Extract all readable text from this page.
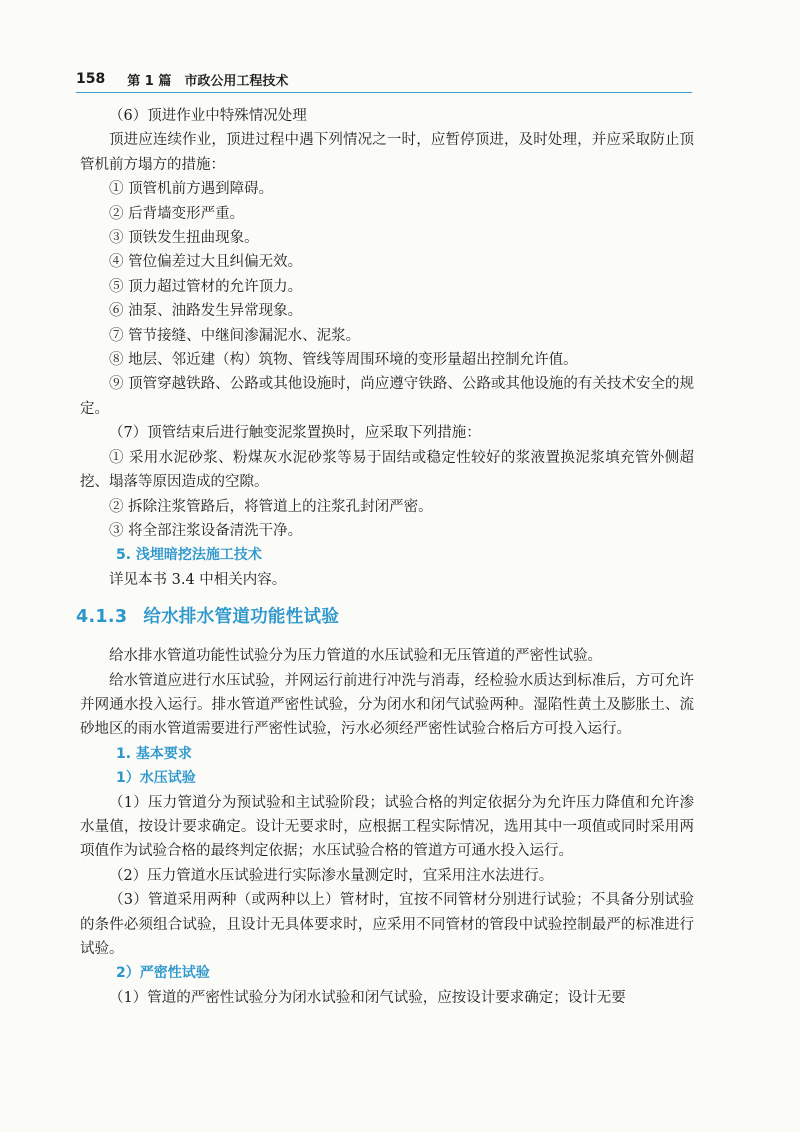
158 第 1 篇　市政公用工程技术

（6）顶进作业中特殊情况处理

顶进应连续作业，顶进过程中遇下列情况之一时，应暂停顶进，及时处理，并应采取防止顶管机前方塌方的措施：

① 顶管机前方遇到障碍。

② 后背墙变形严重。

③ 顶铁发生扭曲现象。

④ 管位偏差过大且纠偏无效。

⑤ 顶力超过管材的允许顶力。

⑥ 油泵、油路发生异常现象。

⑦ 管节接缝、中继间渗漏泥水、泥浆。

⑧ 地层、邻近建（构）筑物、管线等周围环境的变形量超出控制允许值。

⑨ 顶管穿越铁路、公路或其他设施时，尚应遵守铁路、公路或其他设施的有关技术安全的规定。

（7）顶管结束后进行触变泥浆置换时，应采取下列措施：

① 采用水泥砂浆、粉煤灰水泥砂浆等易于固结或稳定性较好的浆液置换泥浆填充管外侧超挖、塌落等原因造成的空隙。

② 拆除注浆管路后，将管道上的注浆孔封闭严密。

③ 将全部注浆设备清洗干净。

5. 浅埋暗挖法施工技术

详见本书 3.4 中相关内容。

4.1.3 给水排水管道功能性试验

给水排水管道功能性试验分为压力管道的水压试验和无压管道的严密性试验。

给水管道应进行水压试验，并网运行前进行冲洗与消毒，经检验水质达到标准后，方可允许并网通水投入运行。排水管道严密性试验，分为闭水和闭气试验两种。湿陷性黄土及膨胀土、流砂地区的雨水管道需要进行严密性试验，污水必须经严密性试验合格后方可投入运行。

1. 基本要求
1）水压试验

（1）压力管道分为预试验和主试验阶段；试验合格的判定依据分为允许压力降值和允许渗水量值，按设计要求确定。设计无要求时，应根据工程实际情况，选用其中一项值或同时采用两项值作为试验合格的最终判定依据；水压试验合格的管道方可通水投入运行。

（2）压力管道水压试验进行实际渗水量测定时，宜采用注水法进行。

（3）管道采用两种（或两种以上）管材时，宜按不同管材分别进行试验；不具备分别试验的条件必须组合试验，且设计无具体要求时，应采用不同管材的管段中试验控制最严的标准进行试验。

2）严密性试验

（1）管道的严密性试验分为闭水试验和闭气试验，应按设计要求确定；设计无要
